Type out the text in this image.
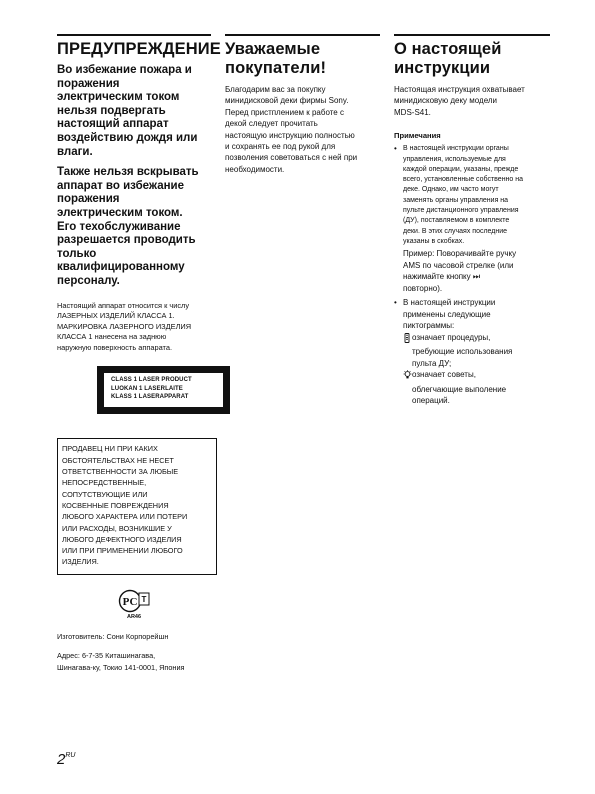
ПРЕДУПРЕЖДЕНИЕ

Во избежание пожара и
поражения
электрическим током
нельзя подвергать
настоящий аппарат
воздействию дождя или
влаги.

Также нельзя вскрывать
аппарат во избежание
поражения
электрическим током.
Его техобслуживание
разрешается проводить
только
квалифицированному
персоналу.

Настоящий аппарат относится к числу
ЛАЗЕРНЫХ ИЗДЕЛИЙ КЛАССА 1.
МАРКИРОВКА ЛАЗЕРНОГО ИЗДЕЛИЯ
КЛАССА 1 нанесена на заднюю
наружную поверхность аппарата.

CLASS 1 LASER PRODUCT
LUOKAN 1 LASERLAITE
KLASS 1 LASERAPPARAT
ПРОДАВЕЦ НИ ПРИ КАКИХ
ОБСТОЯТЕЛЬСТВАХ НЕ НЕСЕТ
ОТВЕТСТВЕННОСТИ ЗА ЛЮБЫЕ
НЕПОСРЕДСТВЕННЫЕ,
СОПУТСТВУЮЩИЕ ИЛИ
КОСВЕННЫЕ ПОВРЕЖДЕНИЯ
ЛЮБОГО ХАРАКТЕРА ИЛИ ПОТЕРИ
ИЛИ РАСХОДЫ, ВОЗНИКШИЕ У
ЛЮБОГО ДЕФЕКТНОГО ИЗДЕЛИЯ
ИЛИ ПРИ ПРИМЕНЕНИИ ЛЮБОГО
ИЗДЕЛИЯ.
РС Т
AR46
Изготовитель: Сони Корпорейшн
Адрес: 6-7-35 Киташинагава,
Шинагава-ку, Токио 141-0001, Япония
Уважаемые
покупатели!

Благодарим вас за покупку
минидисковой деки фирмы Sony.
Перед пристплением к работе с
декой следует прочитать
настоящую инструкцию полностью
и сохранять ее под рукой для
позволения советоваться с ней при
необходимости.

О настоящей
инструкции

Настоящая инструкция охватывает
минидисковую деку модели
MDS-S41.

Примечания
• В настоящей инструкции органы
управления, используемые для
каждой операции, указаны, прежде
всего, установленные собственно на
деке. Однако, им часто могут
заменять органы управления на
пульте дистанционного управления
(ДУ), поставляемом в комплекте
деки. В этих случаях последние
указаны в скобках.
Пример: Поворачивайте ручку
AMS по часовой стрелке (или
нажимайте кнопку ⏭
повторно).
• В настоящей инструкции
применены следующие
пиктограммы:
означает процедуры,
требующие использования
пульта ДУ;
означает советы,
облегчающие выполение
операций.
$2^{RU}$
